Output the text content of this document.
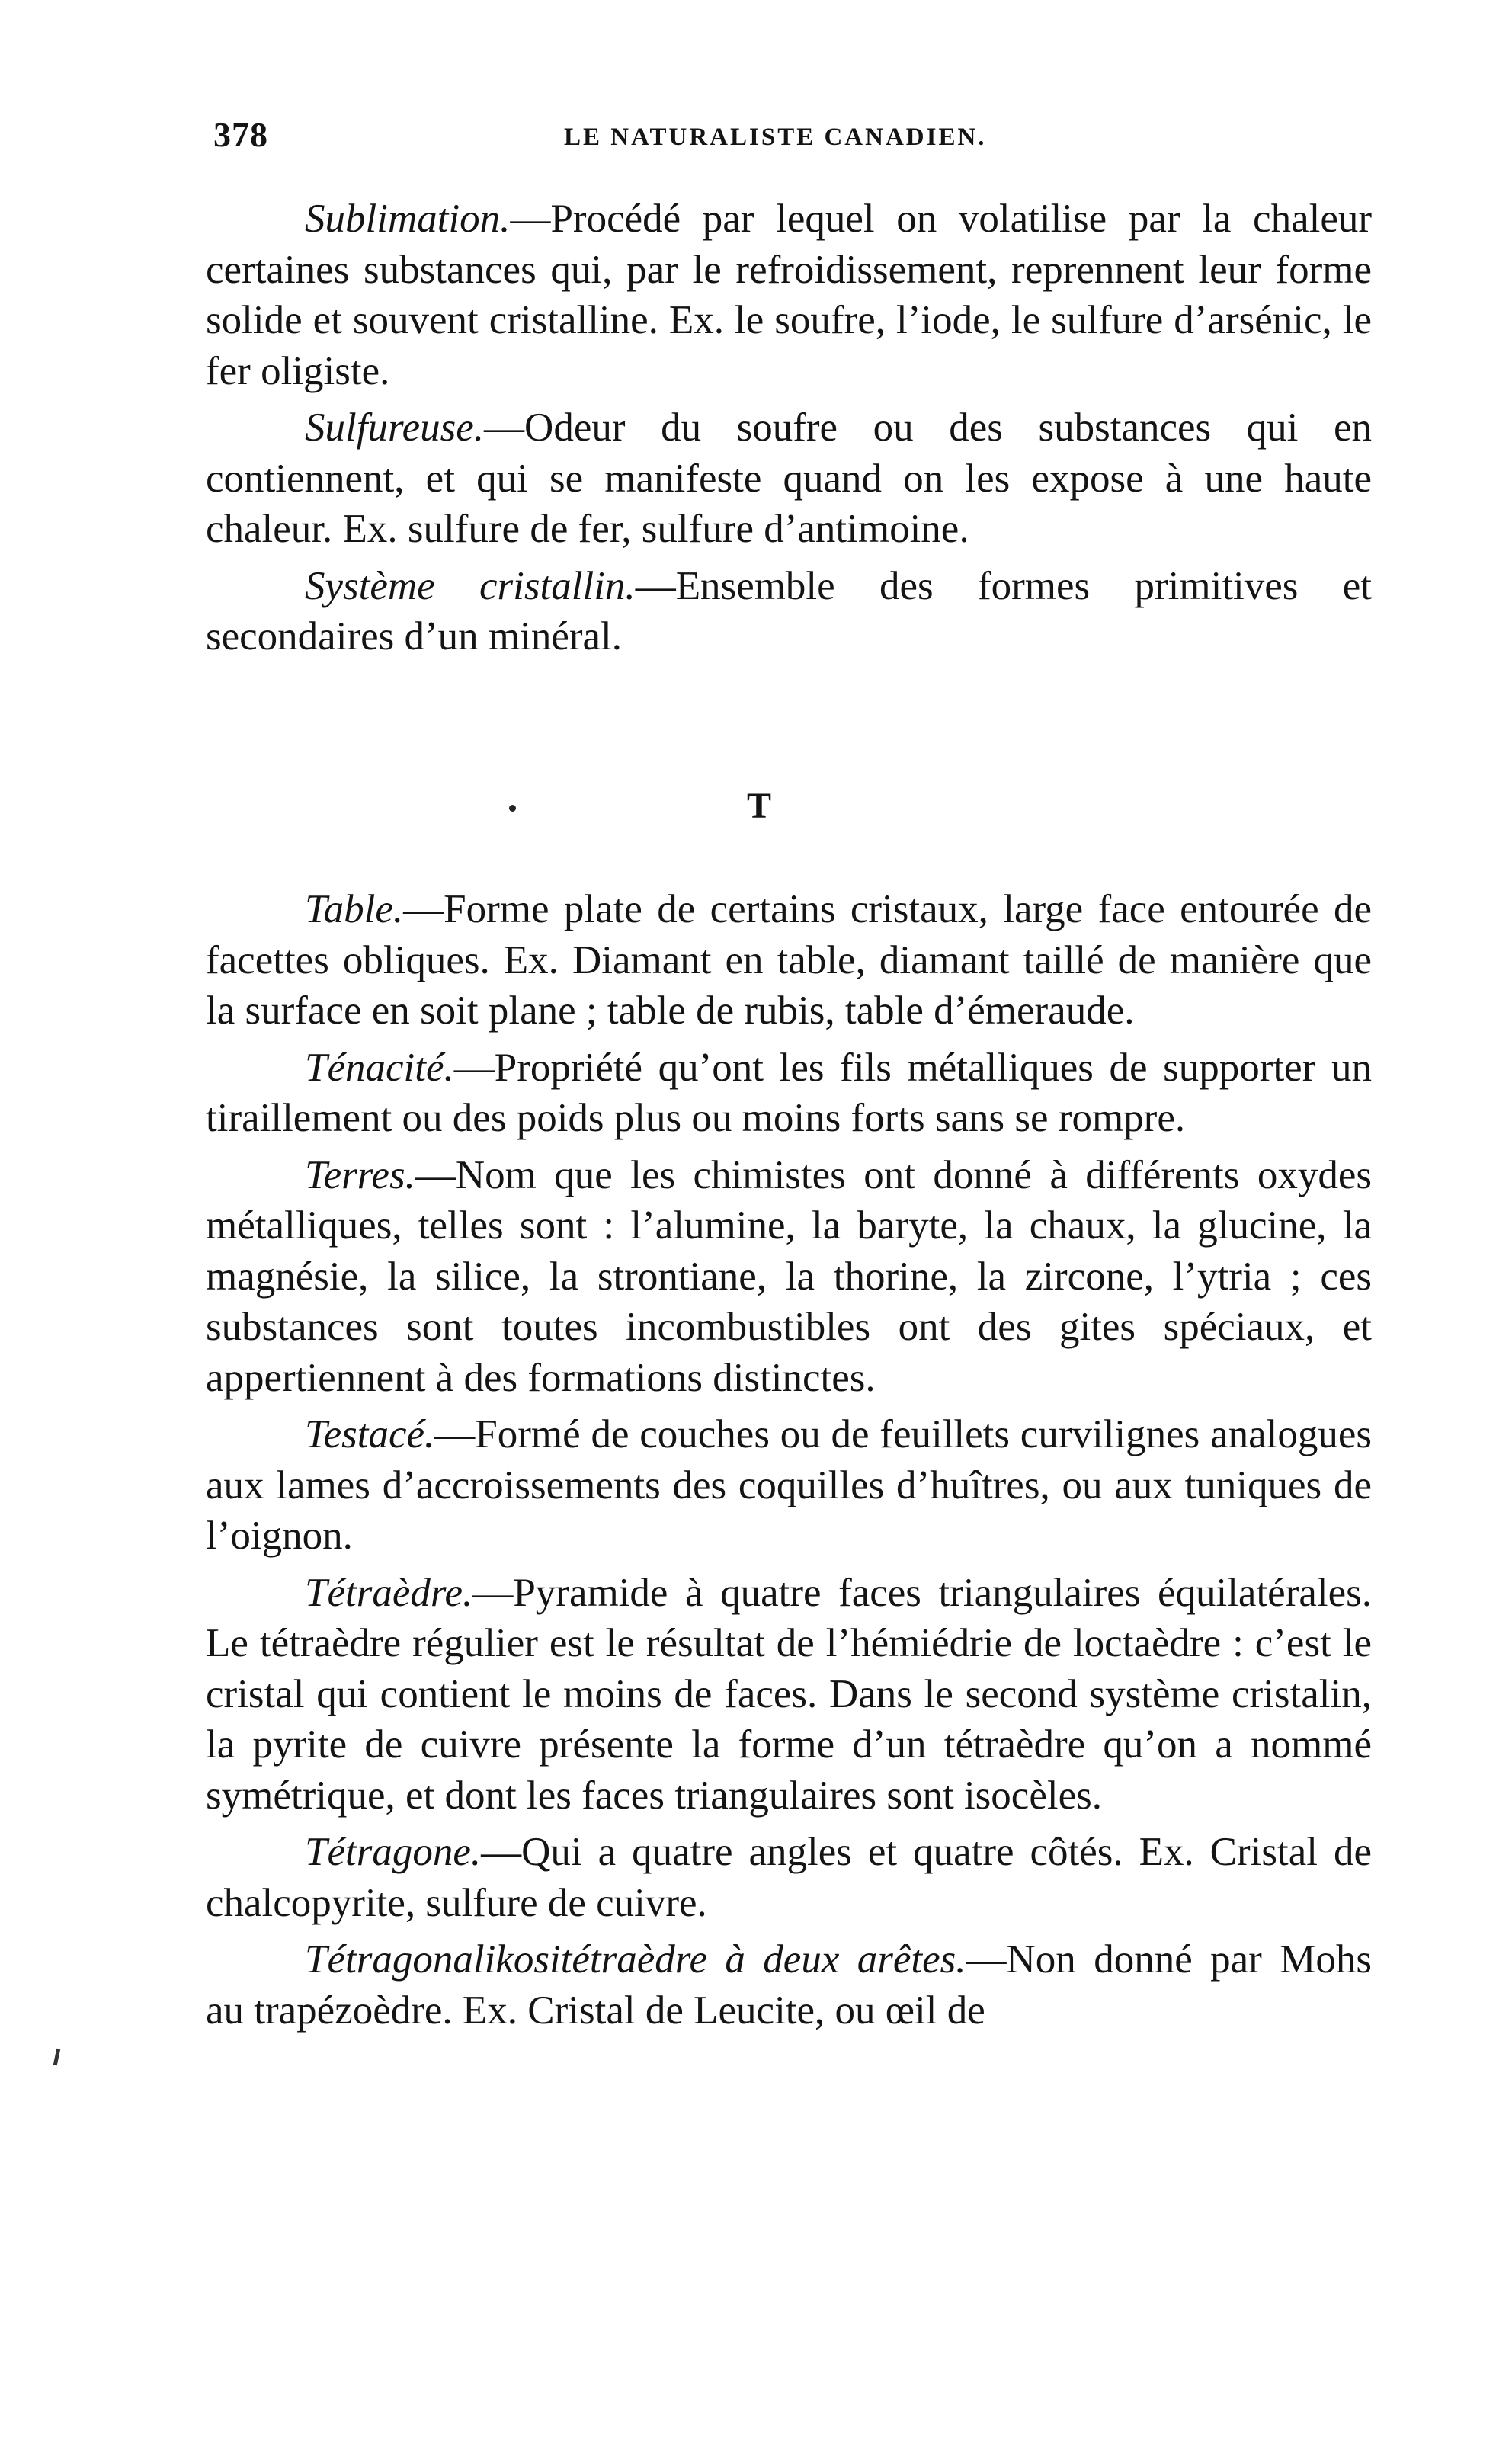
378	LE NATURALISTE CANADIEN.

Sublimation.—Procédé par lequel on volatilise par la chaleur certaines substances qui, par le refroidissement, reprennent leur forme solide et souvent cristalline. Ex. le soufre, l’iode, le sulfure d’arsénic, le fer oligiste.

Sulfureuse.—Odeur du soufre ou des substances qui en contiennent, et qui se manifeste quand on les expose à une haute chaleur. Ex. sulfure de fer, sulfure d’antimoine.

Système cristallin.—Ensemble des formes primitives et secondaires d’un minéral.

T

Table.—Forme plate de certains cristaux, large face entourée de facettes obliques. Ex. Diamant en table, diamant taillé de manière que la surface en soit plane ; table de rubis, table d’émeraude.

Ténacité.—Propriété qu’ont les fils métalliques de supporter un tiraillement ou des poids plus ou moins forts sans se rompre.

Terres.—Nom que les chimistes ont donné à différents oxydes métalliques, telles sont : l’alumine, la baryte, la chaux, la glucine, la magnésie, la silice, la strontiane, la thorine, la zircone, l’ytria ; ces substances sont toutes incombustibles ont des gites spéciaux, et appertiennent à des formations distinctes.

Testacé.—Formé de couches ou de feuillets curvilignes analogues aux lames d’accroissements des coquilles d’huîtres, ou aux tuniques de l’oignon.

Tétraèdre.—Pyramide à quatre faces triangulaires équilatérales. Le tétraèdre régulier est le résultat de l’hémiédrie de loctaèdre : c’est le cristal qui contient le moins de faces. Dans le second système cristalin, la pyrite de cuivre présente la forme d’un tétraèdre qu’on a nommé symétrique, et dont les faces triangulaires sont isocèles.

Tétragone.—Qui a quatre angles et quatre côtés. Ex. Cristal de chalcopyrite, sulfure de cuivre.

Tétragonalikositétraèdre à deux arêtes.—Non donné par Mohs au trapézoèdre. Ex. Cristal de Leucite, ou œil de
